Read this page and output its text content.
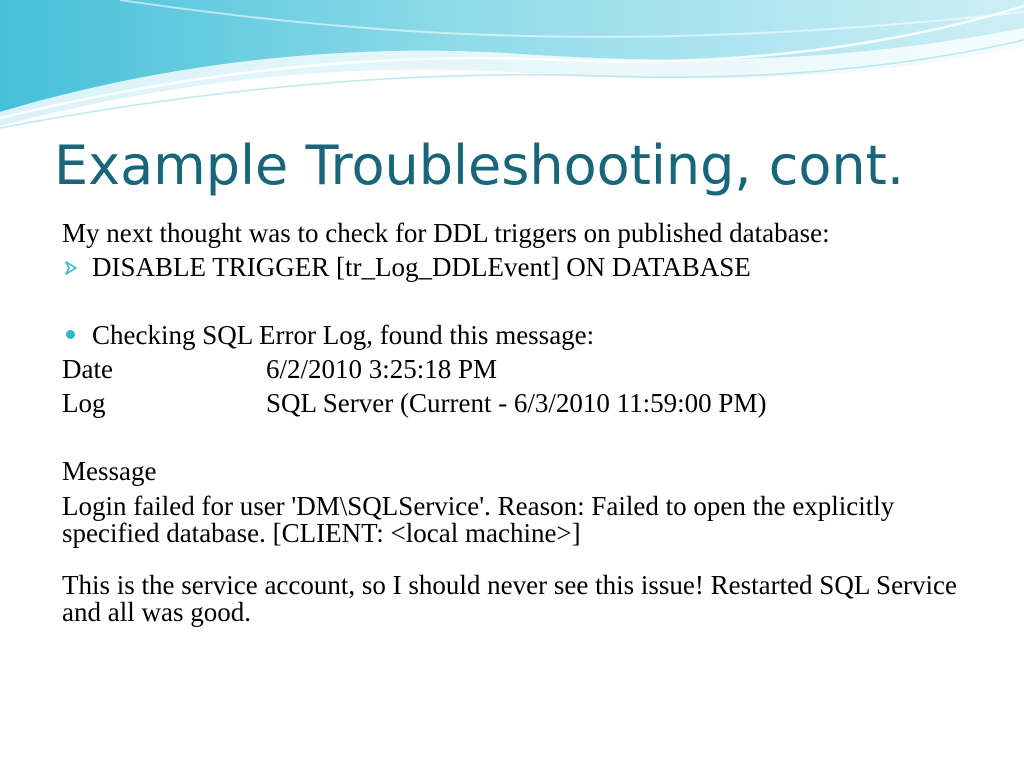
Example Troubleshooting, cont.
My next thought was to check for DDL triggers on published database:
DISABLE TRIGGER [tr_Log_DDLEvent] ON DATABASE
Checking SQL Error Log, found this message:
Date	6/2/2010 3:25:18 PM
Log	SQL Server (Current - 6/3/2010 11:59:00 PM)
Message
Login failed for user 'DM\SQLService'. Reason: Failed to open the explicitly specified database. [CLIENT: <local machine>]
This is the service account, so I should never see this issue! Restarted SQL Service and all was good.
